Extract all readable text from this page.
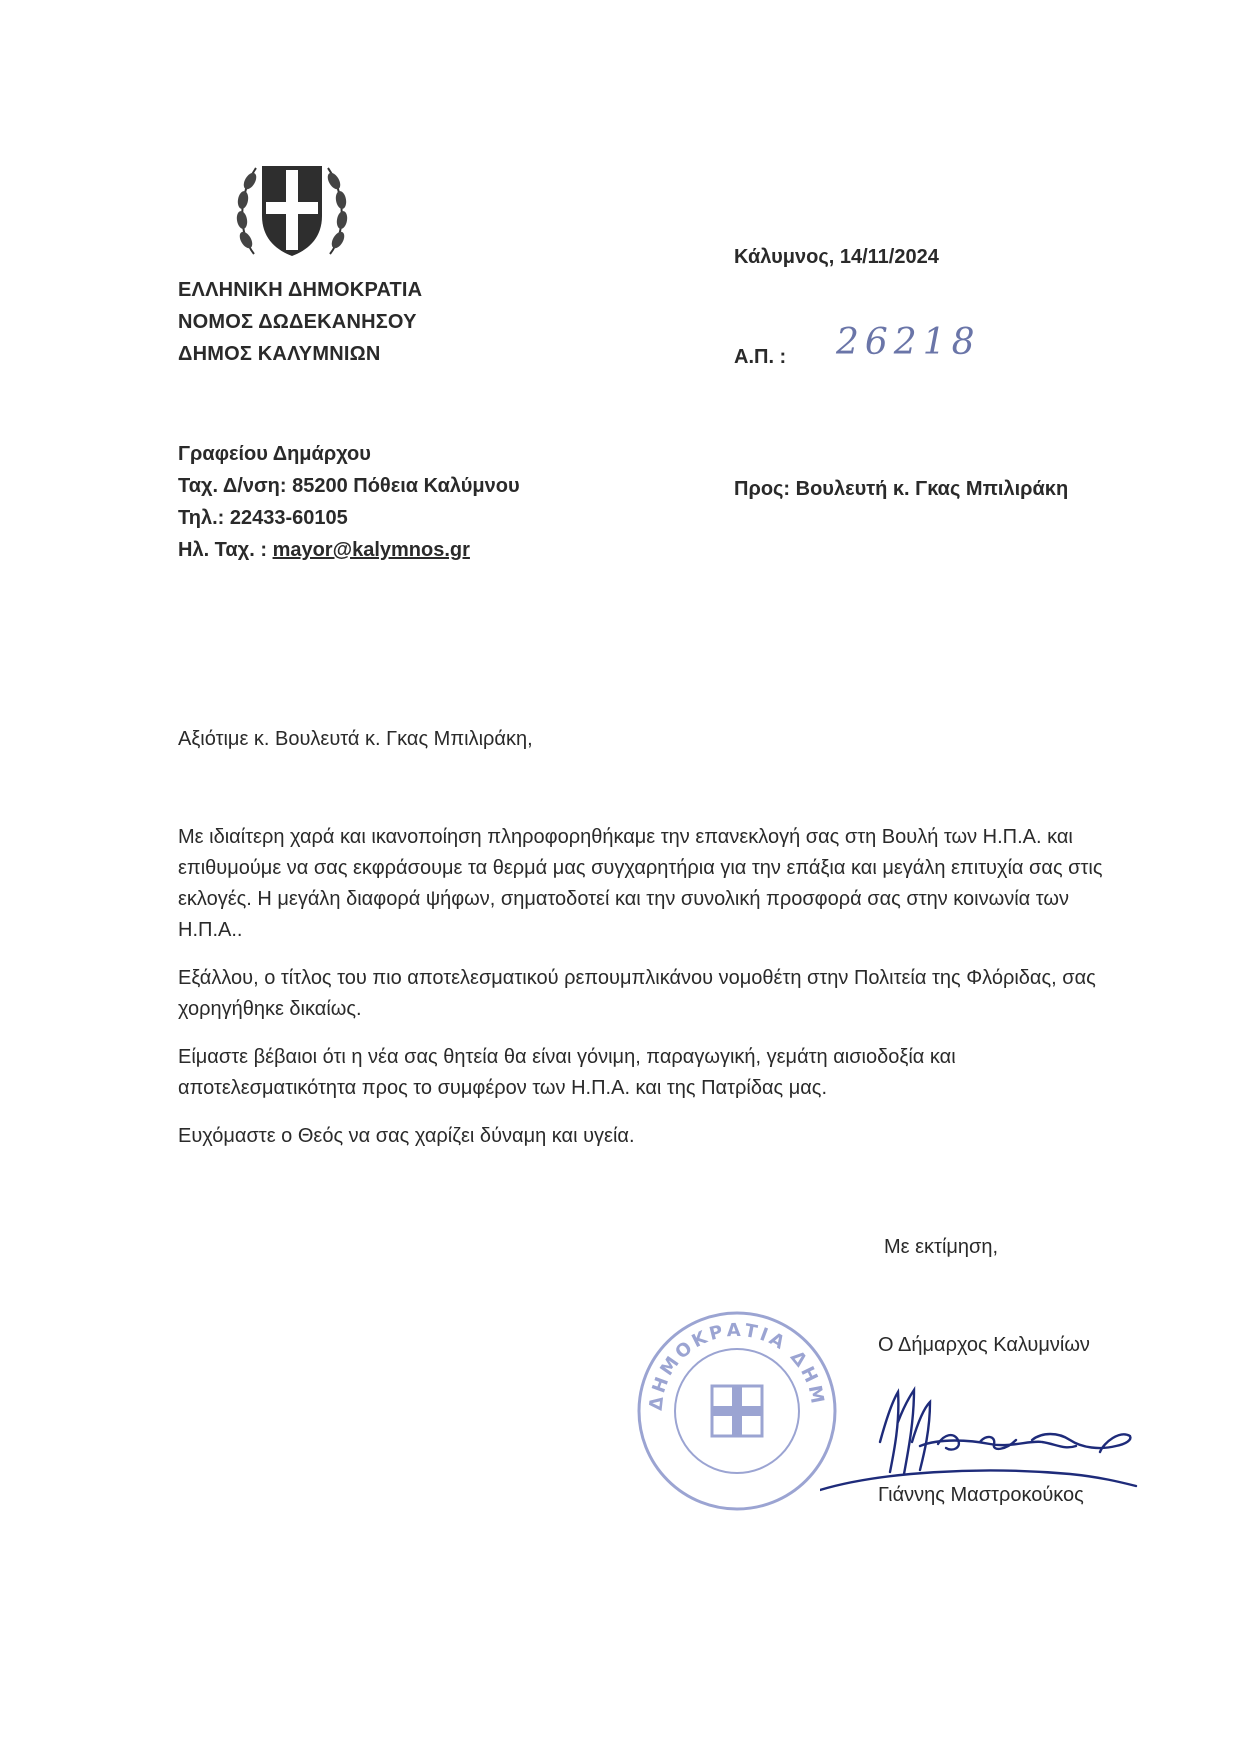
ΕΛΛΗΝΙΚΗ ΔΗΜΟΚΡΑΤΙΑ
ΝΟΜΟΣ ΔΩΔΕΚΑΝΗΣΟΥ
ΔΗΜΟΣ ΚΑΛΥΜΝΙΩΝ
Κάλυμνος, 14/11/2024
Α.Π. : 26218
Γραφείου Δημάρχου
Ταχ. Δ/νση: 85200 Πόθεια Καλύμνου
Τηλ.: 22433-60105
Ηλ. Ταχ. : mayor@kalymnos.gr
Προς: Βουλευτή κ. Γκας Μπιλιράκη
Αξιότιμε κ. Βουλευτά κ. Γκας Μπιλιράκη,

Με ιδιαίτερη χαρά και ικανοποίηση πληροφορηθήκαμε την επανεκλογή σας στη Βουλή των Η.Π.Α. και επιθυμούμε να σας εκφράσουμε τα θερμά μας συγχαρητήρια για την επάξια και μεγάλη επιτυχία σας στις εκλογές. Η μεγάλη διαφορά ψήφων, σηματοδοτεί και την συνολική προσφορά σας στην κοινωνία των Η.Π.Α..

Εξάλλου, ο τίτλος του πιο αποτελεσματικού ρεπουμπλικάνου νομοθέτη στην Πολιτεία της Φλόριδας, σας χορηγήθηκε δικαίως.

Είμαστε βέβαιοι ότι η νέα σας θητεία θα είναι γόνιμη, παραγωγική, γεμάτη αισιοδοξία και αποτελεσματικότητα προς το συμφέρον των Η.Π.Α. και της Πατρίδας μας.

Ευχόμαστε ο Θεός να σας χαρίζει δύναμη και υγεία.

Με εκτίμηση,
Ο Δήμαρχος Καλυμνίων
ΔΗΜΟΚΡΑΤΙΑ ΔΗΜ
Γιάννης Μαστροκούκος
